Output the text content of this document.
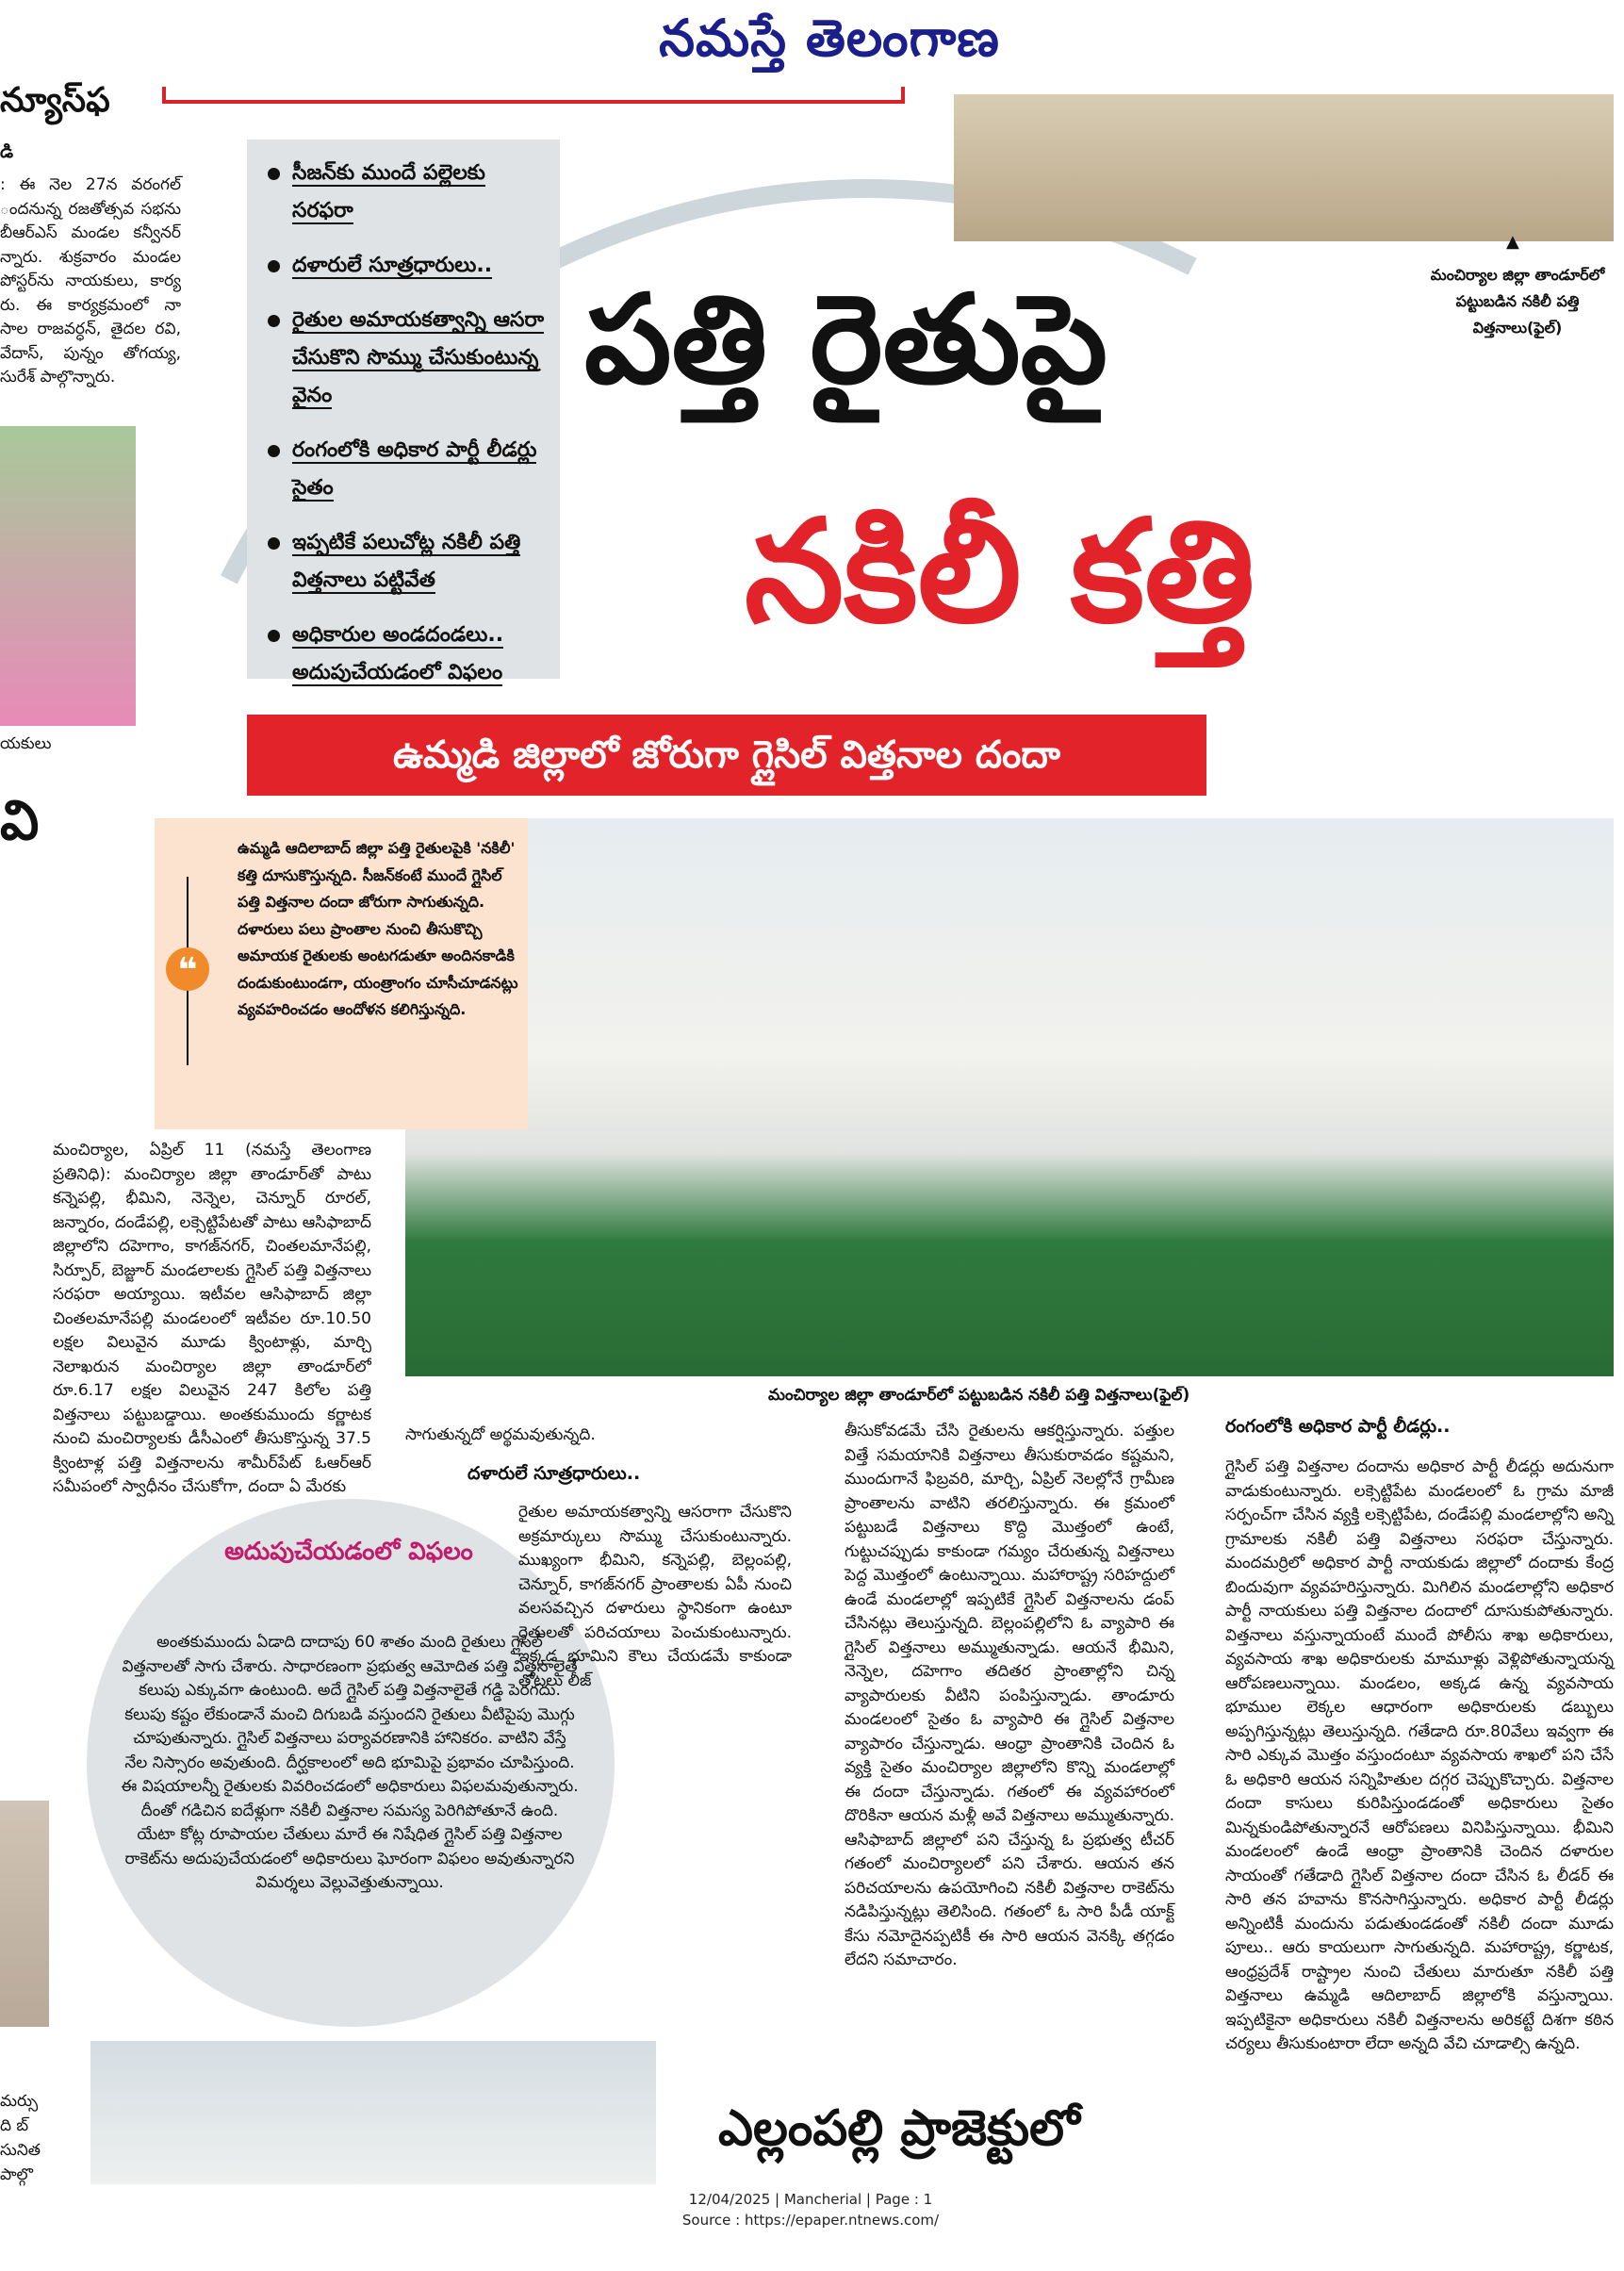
నమస్తే తెలంగాణ
▲
మంచిర్యాల జిల్లా తాండూర్‌లో పట్టుబడిన నకిలీ పత్తి విత్తనాలు(ఫైల్)
న్యూస్‌ఫ
డి
: ఈ నెల 27న వరంగల్ ందనున్న రజతోత్సవ సభను బీఆర్ఎస్ మండల కన్వీనర్ న్నారు. శుక్రవారం మండల పోస్టర్‌ను నాయకులు, కార్య రు. ఈ కార్యక్రమంలో నా సాల రాజవర్ధన్, తైదల రవి, వేదాస్, పున్నం తోగయ్య, సురేశ్ పాల్గొన్నారు.
యకులు
వి
మర్సు ది బ్ సునిత పాల్గొ
సీజన్‌కు ముందే పల్లెలకు సరఫరా
దళారులే సూత్రధారులు..
రైతుల అమాయకత్వాన్ని ఆసరా చేసుకొని సొమ్ము చేసుకుంటున్న వైనం
రంగంలోకి అధికార పార్టీ లీడర్లు సైతం
ఇప్పటికే పలుచోట్ల నకిలీ పత్తి విత్తనాలు పట్టివేత
అధికారుల అండదండలు.. అదుపుచేయడంలో విఫలం
పత్తి రైతుపై
నకిలీ కత్తి
ఉమ్మడి జిల్లాలో జోరుగా గ్లైసిల్ విత్తనాల దందా
మంచిర్యాల జిల్లా తాండూర్‌లో పట్టుబడిన నకిలీ పత్తి విత్తనాలు(ఫైల్)
❝
ఉమ్మడి ఆదిలాబాద్ జిల్లా పత్తి రైతులపైకి 'నకిలీ' కత్తి దూసుకొస్తున్నది. సీజన్‌కంటే ముందే గ్లైసిల్ పత్తి విత్తనాల దందా జోరుగా సాగుతున్నది. దళారులు పలు ప్రాంతాల నుంచి తీసుకొచ్చి అమాయక రైతులకు అంటగడుతూ అందినకాడికి దండుకుంటుండగా, యంత్రాంగం చూసీచూడనట్లు వ్యవహరించడం ఆందోళన కలిగిస్తున్నది.
మంచిర్యాల, ఏప్రిల్ 11 (నమస్తే తెలంగాణ ప్రతినిధి): మంచిర్యాల జిల్లా తాండూర్‌తో పాటు కన్నెపల్లి, భీమిని, నెన్నెల, చెన్నూర్ రూరల్, జన్నారం, దండేపల్లి, లక్సెట్టిపేటతో పాటు ఆసిఫాబాద్ జిల్లాలోని దహెగాం, కాగజ్‌నగర్, చింతలమానేపల్లి, సిర్పూర్, బెజ్జూర్ మండలాలకు గ్లైసిల్ పత్తి విత్తనాలు సరఫరా అయ్యాయి. ఇటీవల ఆసిఫాబాద్ జిల్లా చింతలమానేపల్లి మండలంలో ఇటీవల రూ.10.50 లక్షల విలువైన మూడు క్వింటాళ్లు, మార్చి నెలాఖరున మంచిర్యాల జిల్లా తాండూర్‌లో రూ.6.17 లక్షల విలువైన 247 కిలోల పత్తి విత్తనాలు పట్టుబడ్డాయి. అంతకుముందు కర్ణాటక నుంచి మంచిర్యాలకు డీసీఎంలో తీసుకొస్తున్న 37.5 క్వింటాళ్ల పత్తి విత్తనాలను శామీర్‌పేట్ ఓఆర్ఆర్ సమీపంలో స్వాధీనం చేసుకోగా, దందా ఏ మేరకు
సాగుతున్నదో అర్థమవుతున్నది.
అదుపుచేయడంలో విఫలం
అంతకుముందు ఏడాది దాదాపు 60 శాతం మంది రైతులు గ్లైసిల్ విత్తనాలతో సాగు చేశారు. సాధారణంగా ప్రభుత్వ ఆమోదిత పత్తి విత్తనాలైతే కలుపు ఎక్కువగా ఉంటుంది. అదే గ్లైసిల్ పత్తి విత్తనాలైతే గడ్డి పెరగదు. కలుపు కష్టం లేకుండానే మంచి దిగుబడి వస్తుందని రైతులు వీటిపైపు మొగ్గు చూపుతున్నారు. గ్లైసిల్ విత్తనాలు పర్యావరణానికి హానికరం. వాటిని వేస్తే నేల నిస్సారం అవుతుంది. దీర్ఘకాలంలో అది భూమిపై ప్రభావం చూపిస్తుంది. ఈ విషయాలన్నీ రైతులకు వివరించడంలో అధికారులు విఫలమవుతున్నారు. దీంతో గడిచిన ఐదేళ్లుగా నకిలీ విత్తనాల సమస్య పెరిగిపోతూనే ఉంది. యేటా కోట్ల రూపాయల చేతులు మారే ఈ నిషేధిత గ్లైసిల్ పత్తి విత్తనాల రాకెట్‌ను అదుపుచేయడంలో అధికారులు ఘోరంగా విఫలం అవుతున్నారని విమర్శలు వెల్లువెత్తుతున్నాయి.
దళారులే సూత్రధారులు..
రైతుల అమాయకత్వాన్ని ఆసరాగా చేసుకొని అక్రమార్కులు సొమ్ము చేసుకుంటున్నారు. ముఖ్యంగా భీమిని, కన్నెపల్లి, బెల్లంపల్లి, చెన్నూర్, కాగజ్‌నగర్ ప్రాంతాలకు ఏపీ నుంచి వలసవచ్చిన దళారులు స్థానికంగా ఉంటూ రైతులతో పరిచయాలు పెంచుకుంటున్నారు. ఇక్కడ భూమిని కౌలు చేయడమే కాకుండా తోటలు లీజ్
తీసుకోవడమే చేసి రైతులను ఆకర్షిస్తున్నారు. పత్తుల విత్తే సమయానికి విత్తనాలు తీసుకురావడం కష్టమని, ముందుగానే ఫిబ్రవరి, మార్చి, ఏప్రిల్ నెలల్లోనే గ్రామీణ ప్రాంతాలను వాటిని తరలిస్తున్నారు. ఈ క్రమంలో పట్టుబడే విత్తనాలు కొద్ది మొత్తంలో ఉంటే, గుట్టుచప్పుడు కాకుండా గమ్యం చేరుతున్న విత్తనాలు పెద్ద మొత్తంలో ఉంటున్నాయి. మహారాష్ట్ర సరిహద్దులో ఉండే మండలాల్లో ఇప్పటికే గ్లైసిల్ విత్తనాలను డంప్ చేసినట్లు తెలుస్తున్నది. బెల్లంపల్లిలోని ఓ వ్యాపారి ఈ గ్లైసిల్ విత్తనాలు అమ్ముతున్నాడు. ఆయనే భీమిని, నెన్నెల, దహెగాం తదితర ప్రాంతాల్లోని చిన్న వ్యాపారులకు వీటిని పంపిస్తున్నాడు. తాండూరు మండలంలో సైతం ఓ వ్యాపారి ఈ గ్లైసిల్ విత్తనాల వ్యాపారం చేస్తున్నాడు. ఆంధ్రా ప్రాంతానికి చెందిన ఓ వ్యక్తి సైతం మంచిర్యాల జిల్లాలోని కొన్ని మండలాల్లో ఈ దందా చేస్తున్నాడు. గతంలో ఈ వ్యవహారంలో దొరికినా ఆయన మళ్లీ అవే విత్తనాలు అమ్ముతున్నారు. ఆసిఫాబాద్ జిల్లాలో పని చేస్తున్న ఓ ప్రభుత్వ టీచర్ గతంలో మంచిర్యాలలో పని చేశారు. ఆయన తన పరిచయాలను ఉపయోగించి నకిలీ విత్తనాల రాకెట్‌ను నడిపిస్తున్నట్లు తెలిసింది. గతంలో ఓ సారి పీడీ యాక్ట్ కేసు నమోదైనప్పటికీ ఈ సారి ఆయన వెనక్కి తగ్గడం లేదని సమాచారం.
రంగంలోకి అధికార పార్టీ లీడర్లు..
గ్లైసిల్ పత్తి విత్తనాల దందాను అధికార పార్టీ లీడర్లు అదునుగా వాడుకుంటున్నారు. లక్సెట్టిపేట మండలంలో ఓ గ్రామ మాజీ సర్పంచ్‌గా చేసిన వ్యక్తి లక్సెట్టిపేట, దండేపల్లి మండలాల్లోని అన్ని గ్రామాలకు నకిలీ పత్తి విత్తనాలు సరఫరా చేస్తున్నారు. మందమర్రిలో అధికార పార్టీ నాయకుడు జిల్లాలో దందాకు కేంద్ర బిందువుగా వ్యవహరిస్తున్నారు. మిగిలిన మండలాల్లోని అధికార పార్టీ నాయకులు పత్తి విత్తనాల దందాలో దూసుకుపోతున్నారు. విత్తనాలు వస్తున్నాయంటే ముందే పోలీసు శాఖ అధికారులు, వ్యవసాయ శాఖ అధికారులకు మామూళ్లు వెళ్లిపోతున్నాయన్న ఆరోపణలున్నాయి. మండలం, అక్కడ ఉన్న వ్యవసాయ భూముల లెక్కల ఆధారంగా అధికారులకు డబ్బులు అప్పగిస్తున్నట్లు తెలుస్తున్నది. గతేడాది రూ.80వేలు ఇవ్వగా ఈ సారి ఎక్కువ మొత్తం వస్తుందంటూ వ్యవసాయ శాఖలో పని చేసే ఓ అధికారి ఆయన సన్నిహితుల దగ్గర చెప్పుకొచ్చారు. విత్తనాల దందా కాసులు కురిపిస్తుండడంతో అధికారులు సైతం మిన్నకుండిపోతున్నారనే ఆరోపణలు వినిపిస్తున్నాయి. భీమిని మండలంలో ఉండే ఆంధ్రా ప్రాంతానికి చెందిన దళారుల సాయంతో గతేడాది గ్లైసిల్ విత్తనాల దందా చేసిన ఓ లీడర్ ఈ సారి తన హవాను కొనసాగిస్తున్నారు. అధికార పార్టీ లీడర్లు అన్నింటికీ మందును పడుతుండడంతో నకిలీ దందా మూడు పూలు.. ఆరు కాయలుగా సాగుతున్నది. మహారాష్ట్ర, కర్ణాటక, ఆంధ్రప్రదేశ్ రాష్ట్రాల నుంచి చేతులు మారుతూ నకిలీ పత్తి విత్తనాలు ఉమ్మడి ఆదిలాబాద్ జిల్లాలోకి వస్తున్నాయి. ఇప్పటికైనా అధికారులు నకిలీ విత్తనాలను అరికట్టే దిశగా కఠిన చర్యలు తీసుకుంటారా లేదా అన్నది వేచి చూడాల్సి ఉన్నది.
ఎల్లంపల్లి ప్రాజెక్టులో
12/04/2025 | Mancherial | Page : 1
Source : https://epaper.ntnews.com/
